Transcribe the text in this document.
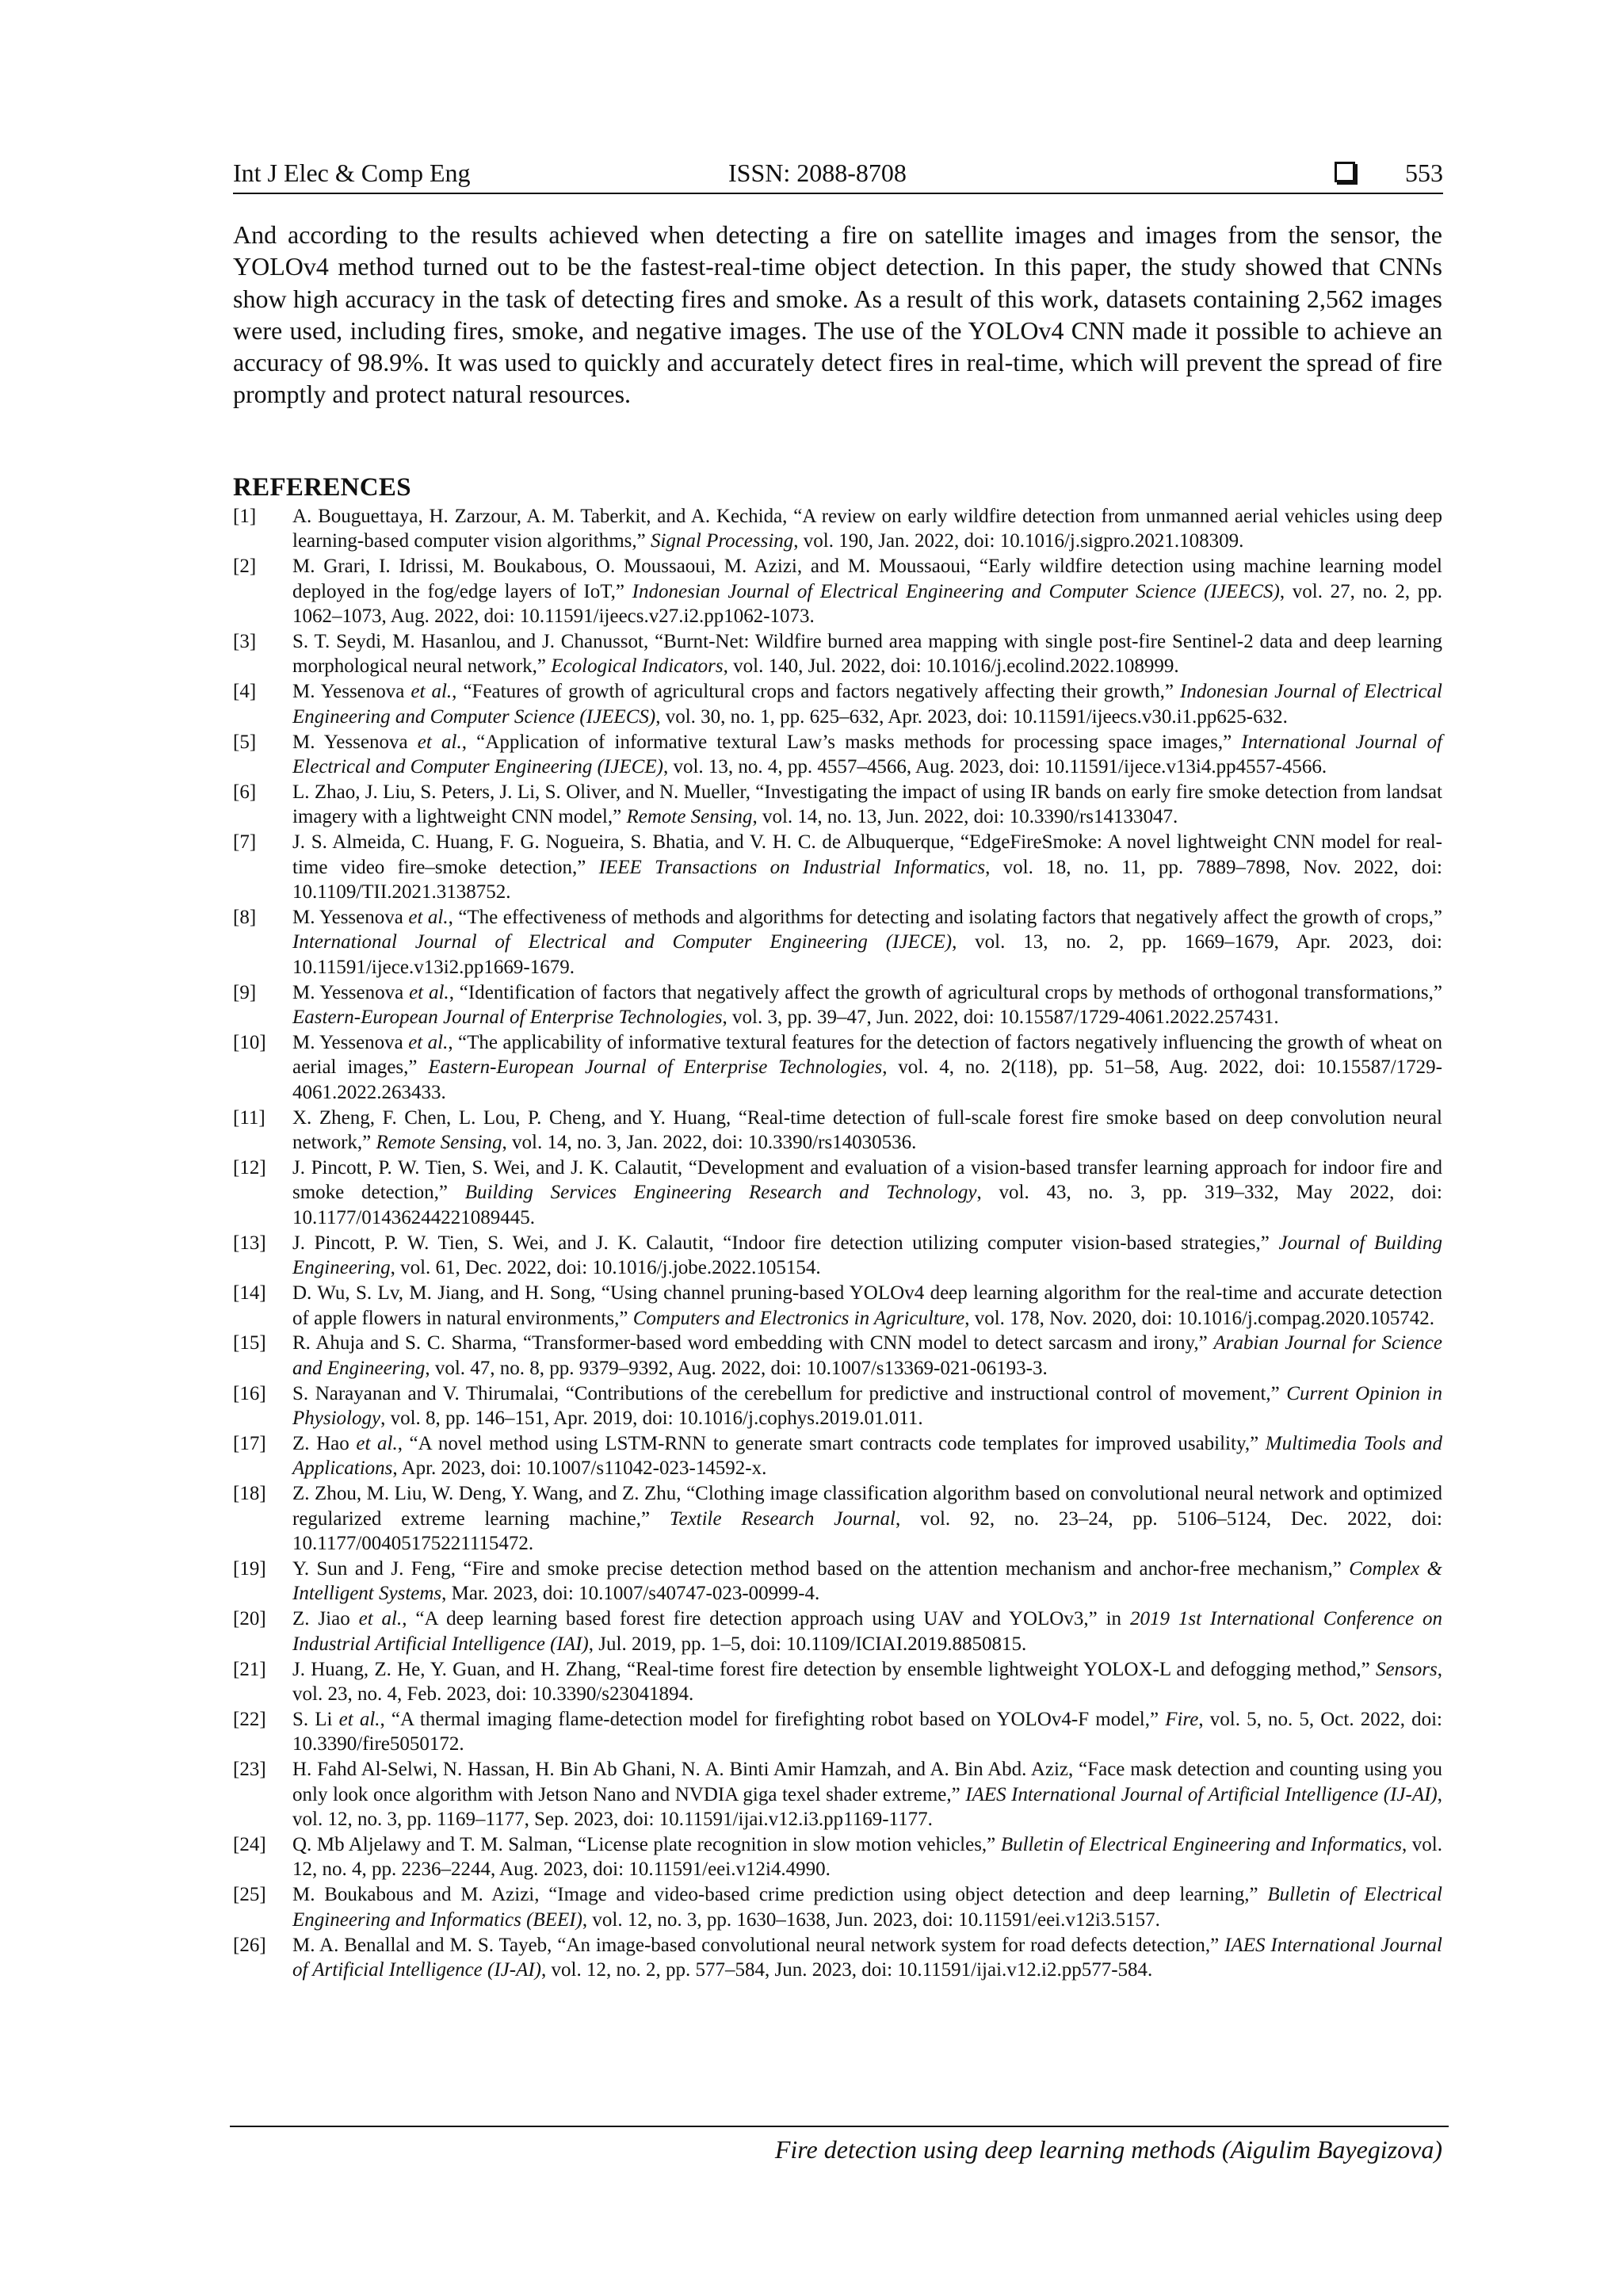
Int J Elec & Comp Eng	ISSN: 2088-8708	553

And according to the results achieved when detecting a fire on satellite images and images from the sensor, the YOLOv4 method turned out to be the fastest-real-time object detection. In this paper, the study showed that CNNs show high accuracy in the task of detecting fires and smoke. As a result of this work, datasets containing 2,562 images were used, including fires, smoke, and negative images. The use of the YOLOv4 CNN made it possible to achieve an accuracy of 98.9%. It was used to quickly and accurately detect fires in real-time, which will prevent the spread of fire promptly and protect natural resources.

REFERENCES
[1] A. Bouguettaya, H. Zarzour, A. M. Taberkit, and A. Kechida, “A review on early wildfire detection from unmanned aerial vehicles using deep learning-based computer vision algorithms,” Signal Processing, vol. 190, Jan. 2022, doi: 10.1016/j.sigpro.2021.108309.
[2] M. Grari, I. Idrissi, M. Boukabous, O. Moussaoui, M. Azizi, and M. Moussaoui, “Early wildfire detection using machine learning model deployed in the fog/edge layers of IoT,” Indonesian Journal of Electrical Engineering and Computer Science (IJEECS), vol. 27, no. 2, pp. 1062–1073, Aug. 2022, doi: 10.11591/ijeecs.v27.i2.pp1062-1073.
[3] S. T. Seydi, M. Hasanlou, and J. Chanussot, “Burnt-Net: Wildfire burned area mapping with single post-fire Sentinel-2 data and deep learning morphological neural network,” Ecological Indicators, vol. 140, Jul. 2022, doi: 10.1016/j.ecolind.2022.108999.
[4] M. Yessenova et al., “Features of growth of agricultural crops and factors negatively affecting their growth,” Indonesian Journal of Electrical Engineering and Computer Science (IJEECS), vol. 30, no. 1, pp. 625–632, Apr. 2023, doi: 10.11591/ijeecs.v30.i1.pp625-632.
[5] M. Yessenova et al., “Application of informative textural Law’s masks methods for processing space images,” International Journal of Electrical and Computer Engineering (IJECE), vol. 13, no. 4, pp. 4557–4566, Aug. 2023, doi: 10.11591/ijece.v13i4.pp4557-4566.
[6] L. Zhao, J. Liu, S. Peters, J. Li, S. Oliver, and N. Mueller, “Investigating the impact of using IR bands on early fire smoke detection from landsat imagery with a lightweight CNN model,” Remote Sensing, vol. 14, no. 13, Jun. 2022, doi: 10.3390/rs14133047.
[7] J. S. Almeida, C. Huang, F. G. Nogueira, S. Bhatia, and V. H. C. de Albuquerque, “EdgeFireSmoke: A novel lightweight CNN model for real-time video fire–smoke detection,” IEEE Transactions on Industrial Informatics, vol. 18, no. 11, pp. 7889–7898, Nov. 2022, doi: 10.1109/TII.2021.3138752.
[8] M. Yessenova et al., “The effectiveness of methods and algorithms for detecting and isolating factors that negatively affect the growth of crops,” International Journal of Electrical and Computer Engineering (IJECE), vol. 13, no. 2, pp. 1669–1679, Apr. 2023, doi: 10.11591/ijece.v13i2.pp1669-1679.
[9] M. Yessenova et al., “Identification of factors that negatively affect the growth of agricultural crops by methods of orthogonal transformations,” Eastern-European Journal of Enterprise Technologies, vol. 3, pp. 39–47, Jun. 2022, doi: 10.15587/1729-4061.2022.257431.
[10] M. Yessenova et al., “The applicability of informative textural features for the detection of factors negatively influencing the growth of wheat on aerial images,” Eastern-European Journal of Enterprise Technologies, vol. 4, no. 2(118), pp. 51–58, Aug. 2022, doi: 10.15587/1729-4061.2022.263433.
[11] X. Zheng, F. Chen, L. Lou, P. Cheng, and Y. Huang, “Real-time detection of full-scale forest fire smoke based on deep convolution neural network,” Remote Sensing, vol. 14, no. 3, Jan. 2022, doi: 10.3390/rs14030536.
[12] J. Pincott, P. W. Tien, S. Wei, and J. K. Calautit, “Development and evaluation of a vision-based transfer learning approach for indoor fire and smoke detection,” Building Services Engineering Research and Technology, vol. 43, no. 3, pp. 319–332, May 2022, doi: 10.1177/01436244221089445.
[13] J. Pincott, P. W. Tien, S. Wei, and J. K. Calautit, “Indoor fire detection utilizing computer vision-based strategies,” Journal of Building Engineering, vol. 61, Dec. 2022, doi: 10.1016/j.jobe.2022.105154.
[14] D. Wu, S. Lv, M. Jiang, and H. Song, “Using channel pruning-based YOLOv4 deep learning algorithm for the real-time and accurate detection of apple flowers in natural environments,” Computers and Electronics in Agriculture, vol. 178, Nov. 2020, doi: 10.1016/j.compag.2020.105742.
[15] R. Ahuja and S. C. Sharma, “Transformer-based word embedding with CNN model to detect sarcasm and irony,” Arabian Journal for Science and Engineering, vol. 47, no. 8, pp. 9379–9392, Aug. 2022, doi: 10.1007/s13369-021-06193-3.
[16] S. Narayanan and V. Thirumalai, “Contributions of the cerebellum for predictive and instructional control of movement,” Current Opinion in Physiology, vol. 8, pp. 146–151, Apr. 2019, doi: 10.1016/j.cophys.2019.01.011.
[17] Z. Hao et al., “A novel method using LSTM-RNN to generate smart contracts code templates for improved usability,” Multimedia Tools and Applications, Apr. 2023, doi: 10.1007/s11042-023-14592-x.
[18] Z. Zhou, M. Liu, W. Deng, Y. Wang, and Z. Zhu, “Clothing image classification algorithm based on convolutional neural network and optimized regularized extreme learning machine,” Textile Research Journal, vol. 92, no. 23–24, pp. 5106–5124, Dec. 2022, doi: 10.1177/00405175221115472.
[19] Y. Sun and J. Feng, “Fire and smoke precise detection method based on the attention mechanism and anchor-free mechanism,” Complex & Intelligent Systems, Mar. 2023, doi: 10.1007/s40747-023-00999-4.
[20] Z. Jiao et al., “A deep learning based forest fire detection approach using UAV and YOLOv3,” in 2019 1st International Conference on Industrial Artificial Intelligence (IAI), Jul. 2019, pp. 1–5, doi: 10.1109/ICIAI.2019.8850815.
[21] J. Huang, Z. He, Y. Guan, and H. Zhang, “Real-time forest fire detection by ensemble lightweight YOLOX-L and defogging method,” Sensors, vol. 23, no. 4, Feb. 2023, doi: 10.3390/s23041894.
[22] S. Li et al., “A thermal imaging flame-detection model for firefighting robot based on YOLOv4-F model,” Fire, vol. 5, no. 5, Oct. 2022, doi: 10.3390/fire5050172.
[23] H. Fahd Al-Selwi, N. Hassan, H. Bin Ab Ghani, N. A. Binti Amir Hamzah, and A. Bin Abd. Aziz, “Face mask detection and counting using you only look once algorithm with Jetson Nano and NVDIA giga texel shader extreme,” IAES International Journal of Artificial Intelligence (IJ-AI), vol. 12, no. 3, pp. 1169–1177, Sep. 2023, doi: 10.11591/ijai.v12.i3.pp1169-1177.
[24] Q. Mb Aljelawy and T. M. Salman, “License plate recognition in slow motion vehicles,” Bulletin of Electrical Engineering and Informatics, vol. 12, no. 4, pp. 2236–2244, Aug. 2023, doi: 10.11591/eei.v12i4.4990.
[25] M. Boukabous and M. Azizi, “Image and video-based crime prediction using object detection and deep learning,” Bulletin of Electrical Engineering and Informatics (BEEI), vol. 12, no. 3, pp. 1630–1638, Jun. 2023, doi: 10.11591/eei.v12i3.5157.
[26] M. A. Benallal and M. S. Tayeb, “An image-based convolutional neural network system for road defects detection,” IAES International Journal of Artificial Intelligence (IJ-AI), vol. 12, no. 2, pp. 577–584, Jun. 2023, doi: 10.11591/ijai.v12.i2.pp577-584.
Fire detection using deep learning methods (Aigulim Bayegizova)
